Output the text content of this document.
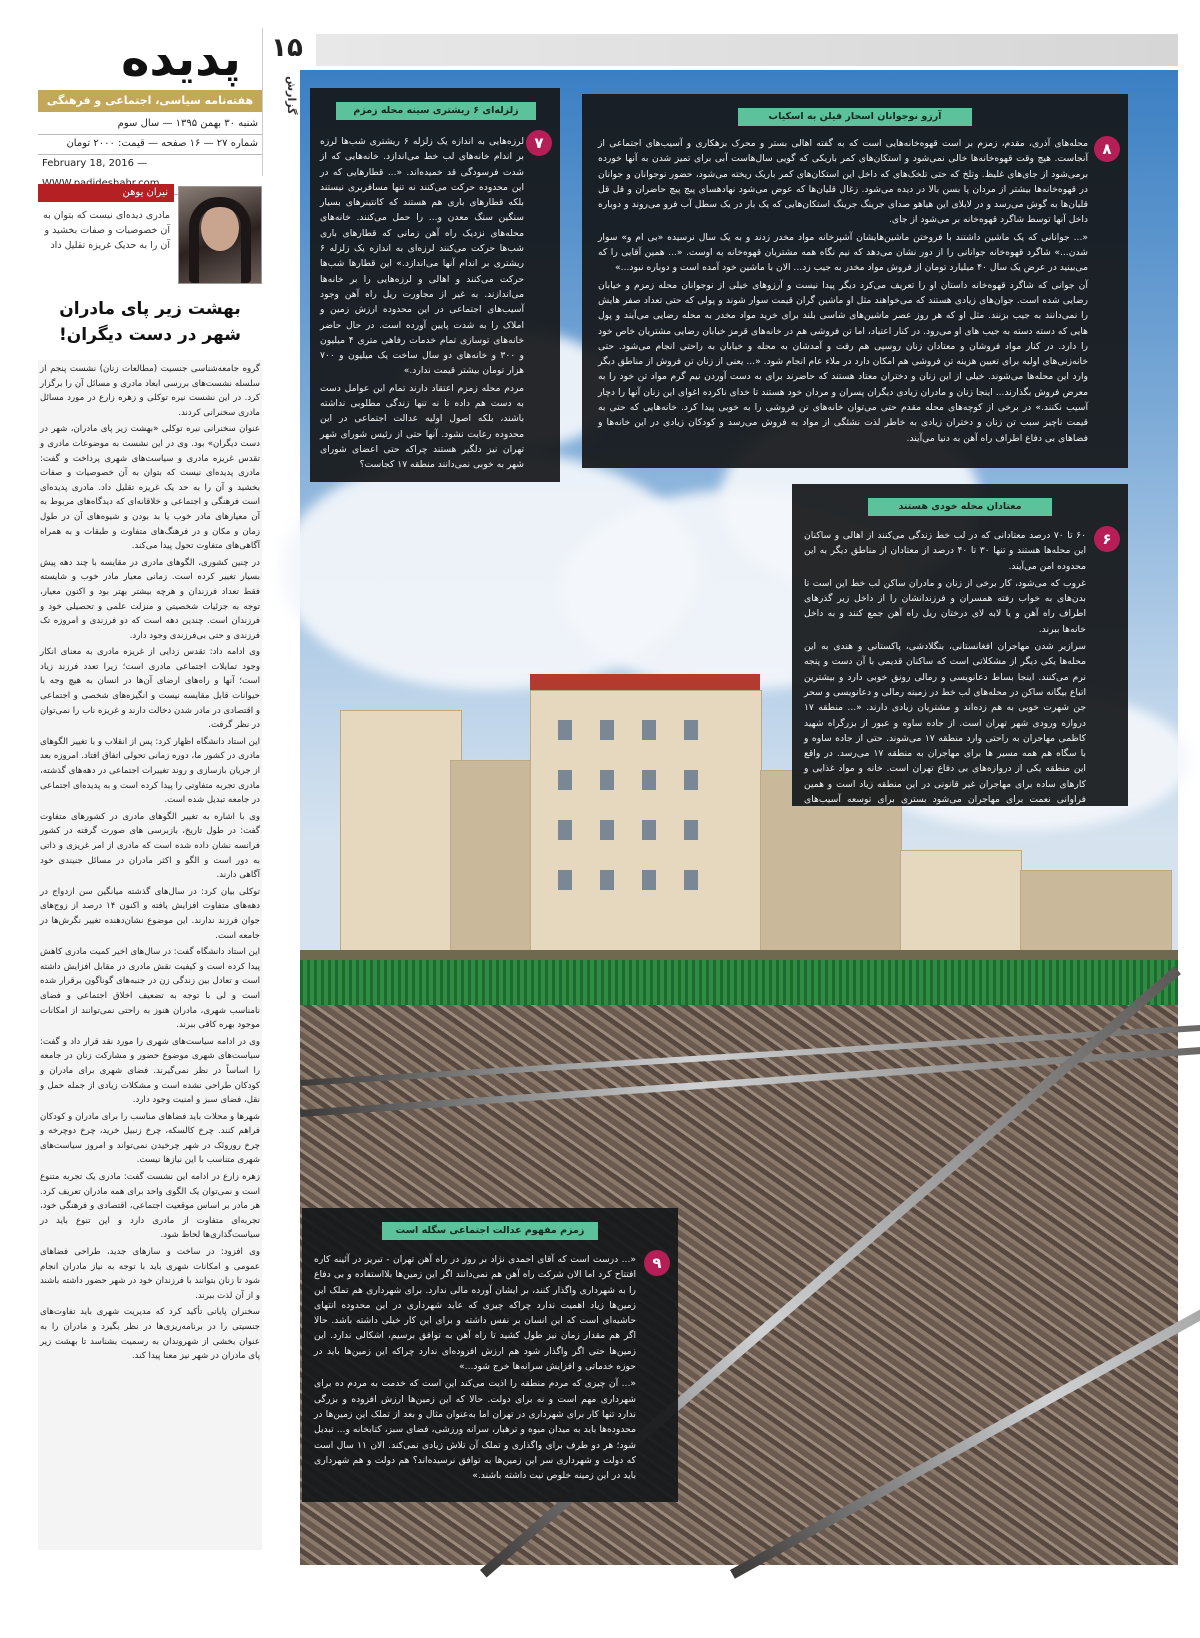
پدیده
هفته‌نامه سیاسی، اجتماعی و فرهنگی
شنبه ۳۰ بهمن ۱۳۹۵ — سال سوم
شماره ۲۷ — ۱۶ صفحه — قیمت: ۲۰۰۰ تومان
February 18, 2016 —
نیران یوهن
مادری دیده‌ای نیست که بتوان به آن خصوصیات و صفات بخشید و آن را به حدیک غریزه تقلیل داد
بهشت زیر پای مادران شهر در دست دیگران!

گروه جامعه‌شناسی جنسیت (مطالعات زنان) نشست پنجم از سلسله نشست‌های بررسی ابعاد مادری و مسائل آن را برگزار کرد. در این نشست نیره توکلی و زهره زارع در مورد مسائل مادری سخنرانی کردند.

عنوان سخنرانی نیره توکلی «بهشت زیر پای مادران، شهر در دست دیگران» بود. وی در این نشست به موضوعات مادری و تقدس غریزه مادری و سیاست‌های شهری پرداخت و گفت: مادری پدیده‌ای نیست که بتوان به آن خصوصیات و صفات بخشید و آن را به حد یک غریزه تقلیل داد. مادری پدیده‌ای است فرهنگی و اجتماعی و خلاقانه‌ای که دیدگاه‌های مربوط به آن معیارهای مادر خوب یا بد بودن و شیوه‌های آن در طول زمان و مکان و در فرهنگ‌های متفاوت و طبقات و به همراه آگاهی‌های متفاوت تحول پیدا می‌کند.

در چنین کشوری، الگوهای مادری در مقایسه با چند دهه پیش بسیار تغییر کرده است. زمانی معیار مادر خوب و شایسته فقط تعداد فرزندان و هرچه بیشتر بهتر بود و اکنون معیار، توجه به جزئیات شخصیتی و منزلت علمی و تحصیلی خود و فرزندان است. چندین دهه است که دو فرزندی و امروزه تک فرزندی و حتی بی‌فرزندی وجود دارد.

وی ادامه داد: تقدس زدایی از غریزه مادری به معنای انکار وجود تمایلات اجتماعی مادری است؛ زیرا تعدد فرزند زیاد است؛ آنها و راه‌های ارضای آن‌ها در انسان به هیچ وجه با حیوانات قابل مقایسه نیست و انگیزه‌های شخصی و اجتماعی و اقتصادی در مادر شدن دخالت دارند و غریزه ناب را نمی‌توان در نظر گرفت.

این استاد دانشگاه اظهار کرد: پس از انقلاب و با تغییر الگوهای مادری در کشور ما، دوره زمانی تحولی اتفاق افتاد. امروزه بعد از جریان بازسازی و روند تغییرات اجتماعی در دهه‌های گذشته، مادری تجربه متفاوتی را پیدا کرده است و به پدیده‌ای اجتماعی در جامعه تبدیل شده است.

وی با اشاره به تغییر الگوهای مادری در کشورهای متفاوت گفت: در طول تاریخ، بازبرسی های صورت گرفته در کشور فرانسه نشان داده شده است که مادری از امر غریزی و ذاتی به دور است و الگو و اکثر مادران در مسائل جنیندی خود آگاهی دارند.

توکلی بیان کرد: در سال‌های گذشته میانگین سن ازدواج در دهه‌های متفاوت افزایش یافته و اکنون ۱۴ درصد از زوج‌های جوان فرزند ندارند. این موضوع نشان‌دهنده تغییر نگرش‌ها در جامعه است.

این استاد دانشگاه گفت: در سال‌های اخیر کمیت مادری کاهش پیدا کرده است و کیفیت نقش مادری در مقابل افزایش داشته است و تعادل بین زندگی زن در جنبه‌های گوناگون برقرار شده است و لی با توجه به تضعیف اخلاق اجتماعی و فضای نامناسب شهری، مادران هنوز به راحتی نمی‌توانند از امکانات موجود بهره کافی ببرند.

وی در ادامه سیاست‌های شهری را مورد نقد قرار داد و گفت: سیاست‌های شهری موضوع حضور و مشارکت زنان در جامعه را اساساً در نظر نمی‌گیرند. فضای شهری برای مادران و کودکان طراحی نشده است و مشکلات زیادی از جمله حمل و نقل، فضای سبز و امنیت وجود دارد.

شهرها و محلات باید فضاهای مناسب را برای مادران و کودکان فراهم کنند. چرخ کالسکه، چرخ زنبیل خرید، چرخ دوچرخه و چرخ روروئک در شهر چرخیدن نمی‌تواند و امروز سیاست‌های شهری متناسب با این نیازها نیست.

زهره زارع در ادامه این نشست گفت: مادری یک تجربه متنوع است و نمی‌توان یک الگوی واحد برای همه مادران تعریف کرد. هر مادر بر اساس موقعیت اجتماعی، اقتصادی و فرهنگی خود، تجربه‌ای متفاوت از مادری دارد و این تنوع باید در سیاست‌گذاری‌ها لحاظ شود.

وی افزود: در ساخت و سازهای جدید، طراحی فضاهای عمومی و امکانات شهری باید با توجه به نیاز مادران انجام شود تا زنان بتوانند با فرزندان خود در شهر حضور داشته باشند و از آن لذت ببرند.

سخنران پایانی تأکید کرد که مدیریت شهری باید تفاوت‌های جنسیتی را در برنامه‌ریزی‌ها در نظر بگیرد و مادران را به عنوان بخشی از شهروندان به رسمیت بشناسد تا بهشت زیر پای مادران در شهر نیز معنا پیدا کند.

۱۵
گزارش
آرزو نوجوانان اسحار فیلن به اسکیاب
۸

محله‌های آذری، مقدم، زمزم بر است قهوه‌خانه‌هایی است که به گفته اهالی بستر و محرک بزهکاری و آسیب‌های اجتماعی از آنجاست. هیچ وقت قهوه‌خانه‌ها خالی نمی‌شود و استکان‌های کمر باریکی که گویی سال‌هاست آبی برای تمیز شدن به آنها خورده برمی‌شود از جای‌های غلیظ. وتلخ که حتی تلخک‌های که داخل این استکان‌های کمر باریک ریخته می‌شود، حضور نوجوانان و جوانان در قهوه‌خانه‌ها بیشتر از مردان پا بسن بالا در دیده می‌شود. زغال قلیان‌ها که عوض می‌شود نهادهسای پیچ پیچ حاضران و قل قل قلیان‌ها به گوش می‌رسد و در لابلای این هیاهو صدای جرینگ جرینگ استکان‌هایی که یک بار در یک سطل آب فرو می‌روند و دوباره داخل آنها توسط شاگرد قهوه‌خانه بر می‌شود از جای.

«... جوانانی که یک ماشین داشتند با فروختن ماشین‌هایشان آشپزخانه مواد مخدر زدند و به یک سال نرسیده «بی ام و» سوار شدن...» شاگرد قهوه‌خانه جوانانی را از دور نشان می‌دهد که نیم نگاه همه مشتریان قهوه‌خانه به اوست. «... همین آقایی را که می‌بینید در عرض یک سال ۴۰ میلیارد تومان از فروش مواد مخدر به جیب زد... الان با ماشین خود آمده است و دوباره نبود...»

آن جوانی که شاگرد قهوه‌خانه داستان او را تعریف می‌کرد دیگر پیدا نیست و آرزوهای خیلی از نوجوانان محله زمزم و خیابان رضایی شده است. جوان‌های زیادی هستند که می‌خواهند مثل او ماشین گران قیمت سوار شوند و پولی که حتی تعداد صفر هایش را نمی‌دانند به جیب بزنند. مثل او که هر روز عصر ماشین‌های شاسی بلند برای خرید مواد مخدر به محله رضایی می‌آیند و پول هایی که دسته دسته به جیب های او می‌رود. در کنار اعتیاد، اما تن فروشی هم در خانه‌های قرمز خیابان رضایی مشتریان خاص خود را دارد. در کنار مواد فروشان و معتادان زنان روسپی هم رفت و آمدشان به محله و خیابان به راحتی انجام می‌شود. حتی خانه‌زنی‌های اولیه برای تعیین هزینه تن فروشی هم امکان دارد در ملاء عام انجام شود. «... یعنی از زنان تن فروش از مناطق دیگر وارد این محله‌ها می‌شوند. خیلی از این زنان و دختران معتاد هستند که حاضرند برای به دست آوردن نیم گرم مواد تن خود را به معرض فروش بگذارند... اینجا زنان و مادران زیادی دیگران پسران و مردان خود هستند تا خدای ناکرده اغوای این زنان آنها را دچار آسیب نکنند.» در برخی از کوچه‌های محله مقدم حتی می‌توان خانه‌های تن فروشی را به خوبی پیدا کرد. خانه‌هایی که حتی به قیمت ناچیز سبب تن زنان و دختران زیادی به خاطر لذت نشئگی از مواد به فروش می‌رسد و کودکان زیادی در این خانه‌ها و فضاهای بی دفاع اطراف راه آهن به دنیا می‌آیند.

زلزله‌ای ۶ ریشتری سینه محله زمزم
۷

لرزه‌هایی به اندازه یک زلزله ۶ ریشتری شب‌ها لرزه بر اندام خانه‌های لب خط می‌اندازد. خانه‌هایی که از شدت فرسودگی قد خمیده‌اند. «... قطارهایی که در این محدوده حرکت می‌کنند نه تنها مسافربری نیستند بلکه قطارهای باری هم هستند که کانتینرهای بسیار سنگین سنگ معدن و... را حمل می‌کنند. خانه‌های محله‌های نزدیک راه آهن زمانی که قطارهای باری شب‌ها حرکت می‌کنند لرزه‌ای به اندازه یک زلزله ۶ ریشتری بر اندام آنها می‌اندازد.» این قطارها شب‌ها حرکت می‌کنند و اهالی و لرزه‌هایی را بر خانه‌ها می‌اندازند. به غیر از مجاورت ریل راه آهن وجود آسیب‌های اجتماعی در این محدوده ارزش زمین و املاک را به شدت پایین آورده است. در حال حاضر خانه‌های توسازی تمام خدمات رفاهی متری ۴ میلیون و ۳۰۰ و خانه‌های دو سال ساخت یک میلیون و ۷۰۰ هزار تومان بیشتر قیمت ندارد.»

مردم محله زمزم اعتقاد دارند تمام این عوامل دست به دست هم داده تا نه تنها زندگی مطلوبی نداشته باشند، بلکه اصول اولیه عدالت اجتماعی در این محدوده رعایت نشود. آنها حتی از رئیس شورای شهر تهران نیز دلگیر هستند چراکه حتی اعضای شورای شهر به خوبی نمی‌دانند منطقه ۱۷ کجاست؟

معتادان محله خودی هستند
۶

۶۰ تا ۷۰ درصد معتادانی که در لب خط زندگی می‌کنند از اهالی و ساکنان این محله‌ها هستند و تنها ۳۰ تا ۴۰ درصد از معتادان از مناطق دیگر به این محدوده امن می‌آیند.

غروب که می‌شود، کار برخی از زنان و مادران ساکن لب خط این است تا بدن‌های به خواب رفته همسران و فرزندانشان را از داخل زیر گذرهای اطراف راه آهن و یا لابه لای درختان ریل راه آهن جمع کنند و به داخل خانه‌ها ببرند.

سرازیر شدن مهاجران افغانستانی، بنگلادشی، پاکستانی و هندی به این محله‌ها یکی دیگر از مشکلاتی است که ساکنان قدیمی با آن دست و پنجه نرم می‌کنند. اینجا بساط دعانویسی و رمالی رونق خوبی دارد و بیشترین اتباع بیگانه ساکن در محله‌های لب خط در زمینه رمالی و دعانویسی و سحر جن شهرت خوبی به هم زده‌اند و مشتریان زیادی دارند. «... منطقه ۱۷ دروازه ورودی شهر تهران است. از جاده ساوه و عبور از بزرگراه شهید کاظمی مهاجران به راحتی وارد منطقه ۱۷ می‌شوند. حتی از جاده ساوه و با سگاه هم همه مسیر ها برای مهاجران به منطقه ۱۷ می‌رسد. در واقع این منطقه یکی از دروازه‌های بی دفاع تهران است. خانه و مواد غذایی و کارهای ساده برای مهاجران غیر قانونی در این منطقه زیاد است و همین فراوانی نعمت برای مهاجران می‌شود بستری برای توسعه آسیب‌های اجتماعی.»

زمزم مفهوم عدالت اجتماعی سگله است
۹

«... درست است که آقای احمدی نژاد بر روز در راه آهن تهران - تبریز در آئینه کاره افتتاح کرد اما الان شرکت راه آهن هم نمی‌دانند اگر این زمین‌ها بلااستفاده و بی دفاع را به شهرداری واگذار کنند، بر ایشان آورده مالی ندارد. برای شهرداری هم تملک این زمین‌ها زیاد اهمیت ندارد چراکه چیزی که عاید شهرداری در این محدوده انتهای حاشیه‌ای است که این انسان بر نفس داشته و برای این کار خیلی داشته باشد. حالا اگر هم مقدار زمان نیز طول کشید تا راه آهن به توافق برسیم، اشکالی ندارد. این زمین‌ها حتی اگر واگذار شود هم ارزش افزوده‌ای ندارد چراکه این زمین‌ها باید در حوزه خدماتی و افزایش سرانه‌ها خرج شود...»

«... آن چیزی که مردم منطقه را اذیت می‌کند این است که خدمت به مردم ده برای شهرداری مهم است و نه برای دولت. حالا که این زمین‌ها ارزش افزوده و بزرگی ندارد تنها کار برای شهرداری در تهران اما به‌عنوان مثال و بعد از تملک این زمین‌ها در محدوده‌ها باید به میدان میوه و ترهبار، سرانه ورزشی، فضای سبز، کتابخانه و... تبدیل شود؛ هر دو طرف برای واگذاری و تملک آن تلاش زیادی نمی‌کند. الان ۱۱ سال است که دولت و شهرداری سر این زمین‌ها به توافق نرسیده‌اند؟ هم دولت و هم شهرداری باید در این زمینه خلوص نیت داشته باشند.»
